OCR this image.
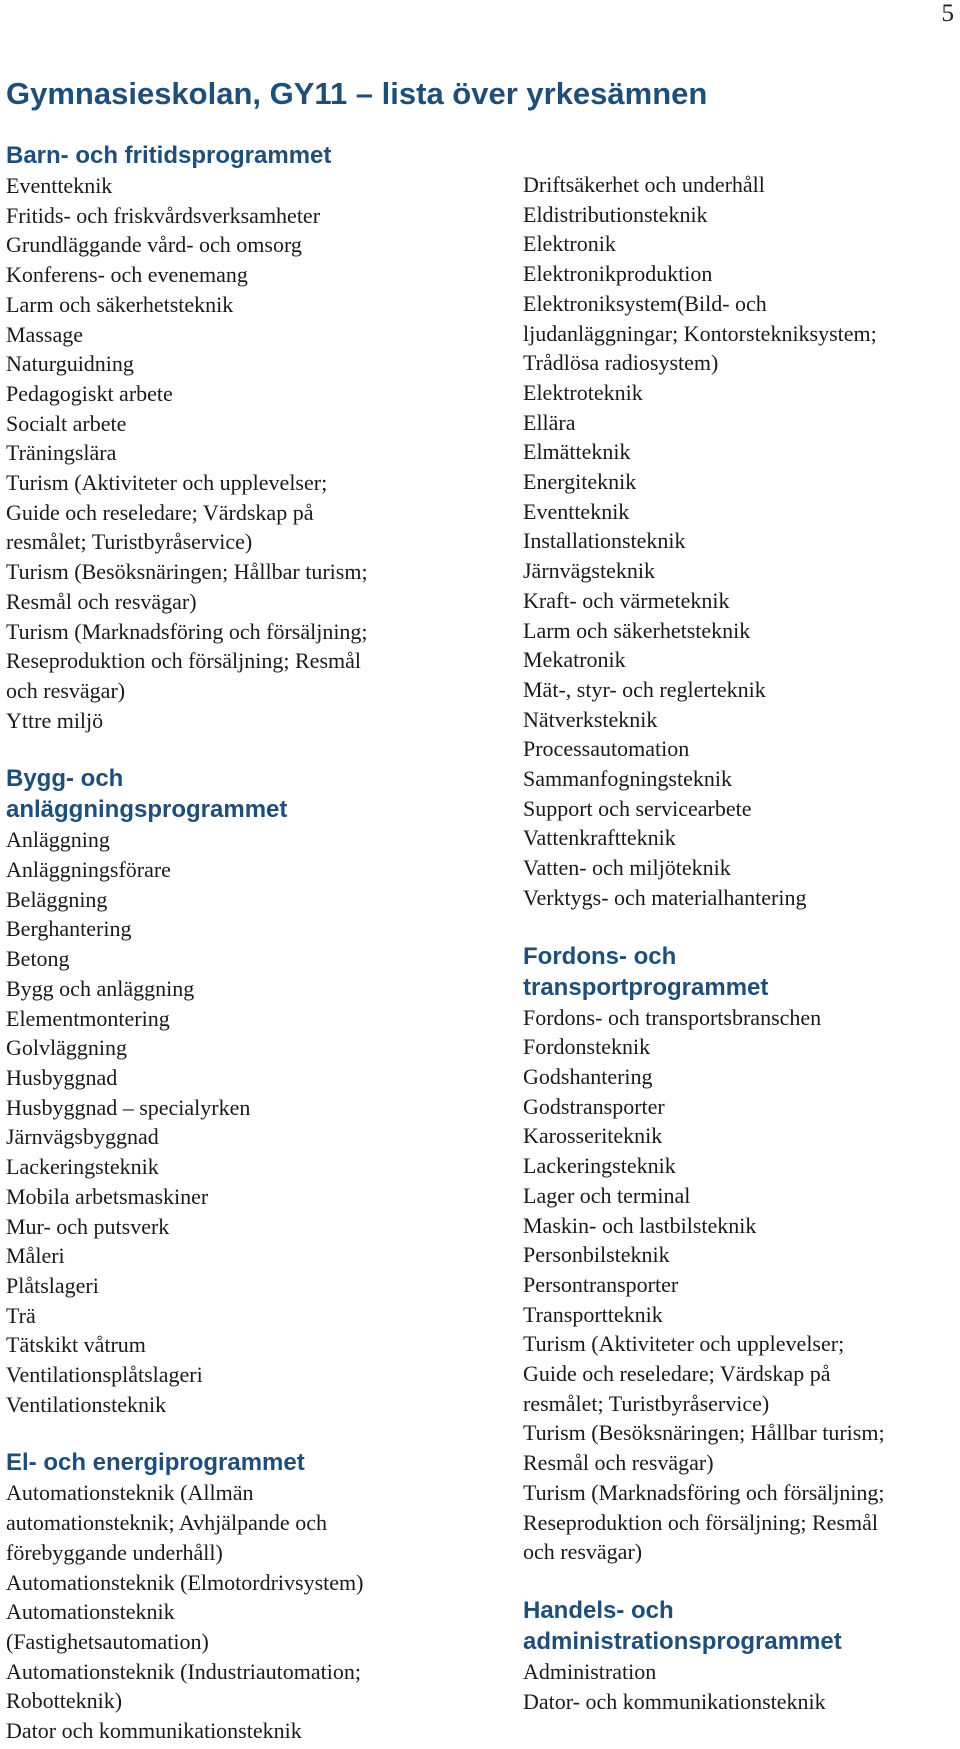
5
Gymnasieskolan, GY11 – lista över yrkesämnen
Barn- och fritidsprogrammet
Eventteknik
Fritids- och friskvårdsverksamheter
Grundläggande vård- och omsorg
Konferens- och evenemang
Larm och säkerhetsteknik
Massage
Naturguidning
Pedagogiskt arbete
Socialt arbete
Träningslära
Turism (Aktiviteter och upplevelser;
Guide och reseledare; Värdskap på
resmålet; Turistbyråservice)
Turism (Besöksnäringen; Hållbar turism;
Resmål och resvägar)
Turism (Marknadsföring och försäljning;
Reseproduktion och försäljning; Resmål
och resvägar)
Yttre miljö
Bygg- och
anläggningsprogrammet
Anläggning
Anläggningsförare
Beläggning
Berghantering
Betong
Bygg och anläggning
Elementmontering
Golvläggning
Husbyggnad
Husbyggnad – specialyrken
Järnvägsbyggnad
Lackeringsteknik
Mobila arbetsmaskiner
Mur- och putsverk
Måleri
Plåtslageri
Trä
Tätskikt våtrum
Ventilationsplåtslageri
Ventilationsteknik
El- och energiprogrammet
Automationsteknik (Allmän
automationsteknik; Avhjälpande och
förebyggande underhåll)
Automationsteknik (Elmotordrivsystem)
Automationsteknik
(Fastighetsautomation)
Automationsteknik (Industriautomation;
Robotteknik)
Dator och kommunikationsteknik
Driftsäkerhet och underhåll
Eldistributionsteknik
Elektronik
Elektronikproduktion
Elektroniksystem(Bild- och
ljudanläggningar; Kontorstekniksystem;
Trådlösa radiosystem)
Elektroteknik
Ellära
Elmätteknik
Energiteknik
Eventteknik
Installationsteknik
Järnvägsteknik
Kraft- och värmeteknik
Larm och säkerhetsteknik
Mekatronik
Mät-, styr- och reglerteknik
Nätverksteknik
Processautomation
Sammanfogningsteknik
Support och servicearbete
Vattenkraftteknik
Vatten- och miljöteknik
Verktygs- och materialhantering
Fordons- och
transportprogrammet
Fordons- och transportsbranschen
Fordonsteknik
Godshantering
Godstransporter
Karosseriteknik
Lackeringsteknik
Lager och terminal
Maskin- och lastbilsteknik
Personbilsteknik
Persontransporter
Transportteknik
Turism (Aktiviteter och upplevelser;
Guide och reseledare; Värdskap på
resmålet; Turistbyråservice)
Turism (Besöksnäringen; Hållbar turism;
Resmål och resvägar)
Turism (Marknadsföring och försäljning;
Reseproduktion och försäljning; Resmål
och resvägar)
Handels- och
administrationsprogrammet
Administration
Dator- och kommunikationsteknik
